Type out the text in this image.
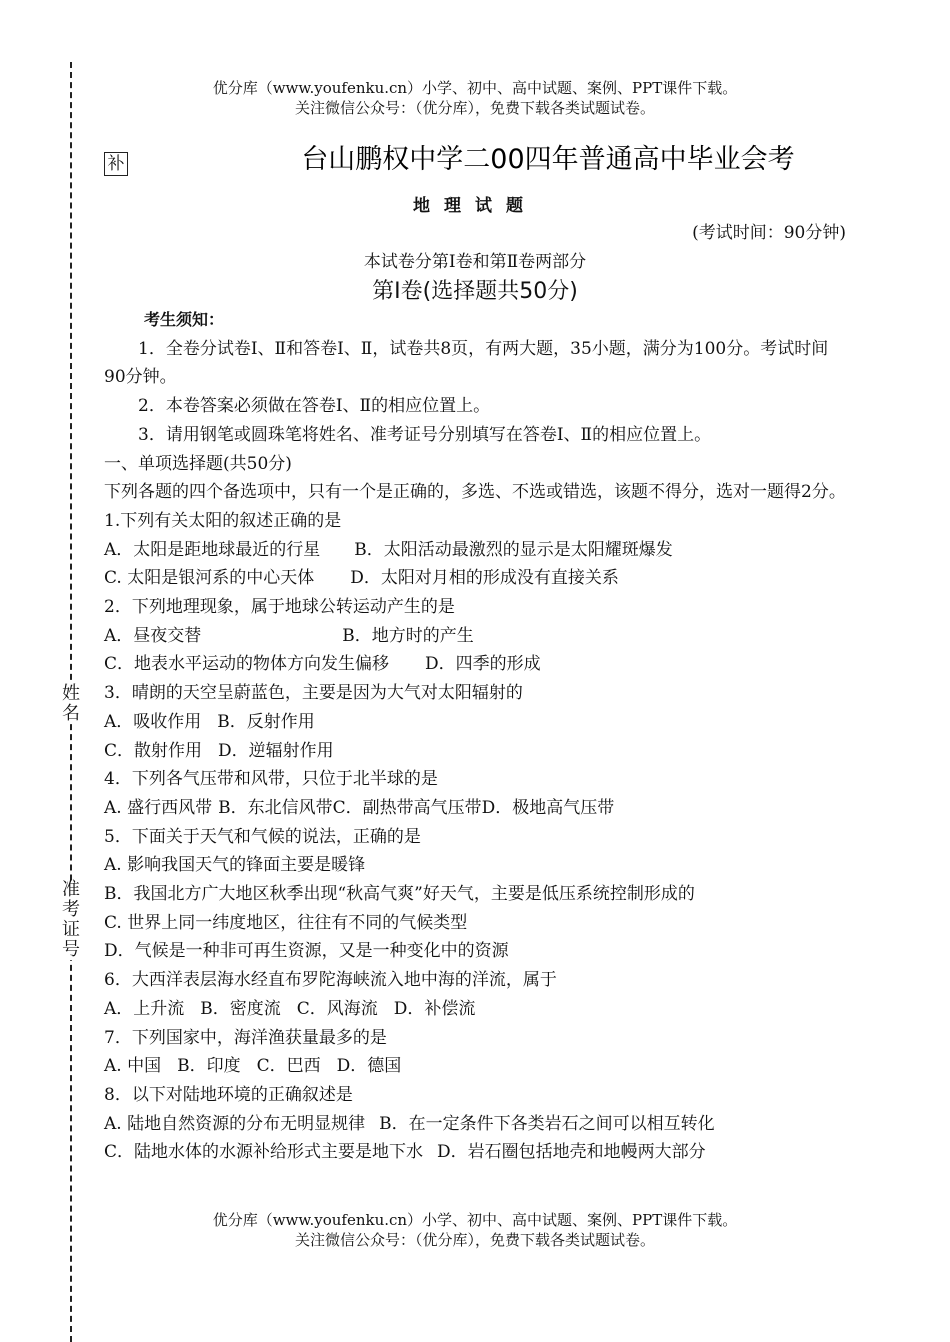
姓
名
准
考
证
号
优分库（www.youfenku.cn）小学、初中、高中试题、案例、PPT课件下载。
关注微信公众号：（优分库），免费下载各类试题试卷。
补	台山鹏权中学二00四年普通高中毕业会考
地理试题
(考试时间：90分钟)
本试卷分第Ⅰ卷和第Ⅱ卷两部分
第Ⅰ卷(选择题共50分)

考生须知：

1．全卷分试卷Ⅰ、Ⅱ和答卷Ⅰ、Ⅱ，试卷共8页，有两大题，35小题，满分为100分。考试时间90分钟。

2．本卷答案必须做在答卷Ⅰ、Ⅱ的相应位置上。

3．请用钢笔或圆珠笔将姓名、准考证号分别填写在答卷Ⅰ、Ⅱ的相应位置上。

一、单项选择题(共50分)

下列各题的四个备选项中，只有一个是正确的，多选、不选或错选，该题不得分，选对一题得2分。

1.下列有关太阳的叙述正确的是

A．太阳是距地球最近的行星 B．太阳活动最激烈的显示是太阳耀斑爆发

C. 太阳是银河系的中心天体 D．太阳对月相的形成没有直接关系

2．下列地理现象，属于地球公转运动产生的是

A．昼夜交替	B．地方时的产生

C．地表水平运动的物体方向发生偏移 D．四季的形成

3．晴朗的天空呈蔚蓝色，主要是因为大气对太阳辐射的

A．吸收作用 B．反射作用

C．散射作用 D．逆辐射作用

4．下列各气压带和风带，只位于北半球的是

A. 盛行西风带 B．东北信风带C．副热带高气压带D．极地高气压带

5．下面关于天气和气候的说法，正确的是

A. 影响我国天气的锋面主要是暖锋

B．我国北方广大地区秋季出现“秋高气爽”好天气，主要是低压系统控制形成的

C. 世界上同一纬度地区，往往有不同的气候类型

D．气候是一种非可再生资源，又是一种变化中的资源

6．大西洋表层海水经直布罗陀海峡流入地中海的洋流，属于

A．上升流 B．密度流 C．风海流 D．补偿流

7．下列国家中，海洋渔获量最多的是

A. 中国 B．印度 C．巴西 D．德国

8．以下对陆地环境的正确叙述是

A. 陆地自然资源的分布无明显规律 B．在一定条件下各类岩石之间可以相互转化

C．陆地水体的水源补给形式主要是地下水 D．岩石圈包括地壳和地幔两大部分

优分库（www.youfenku.cn）小学、初中、高中试题、案例、PPT课件下载。
关注微信公众号：（优分库），免费下载各类试题试卷。
